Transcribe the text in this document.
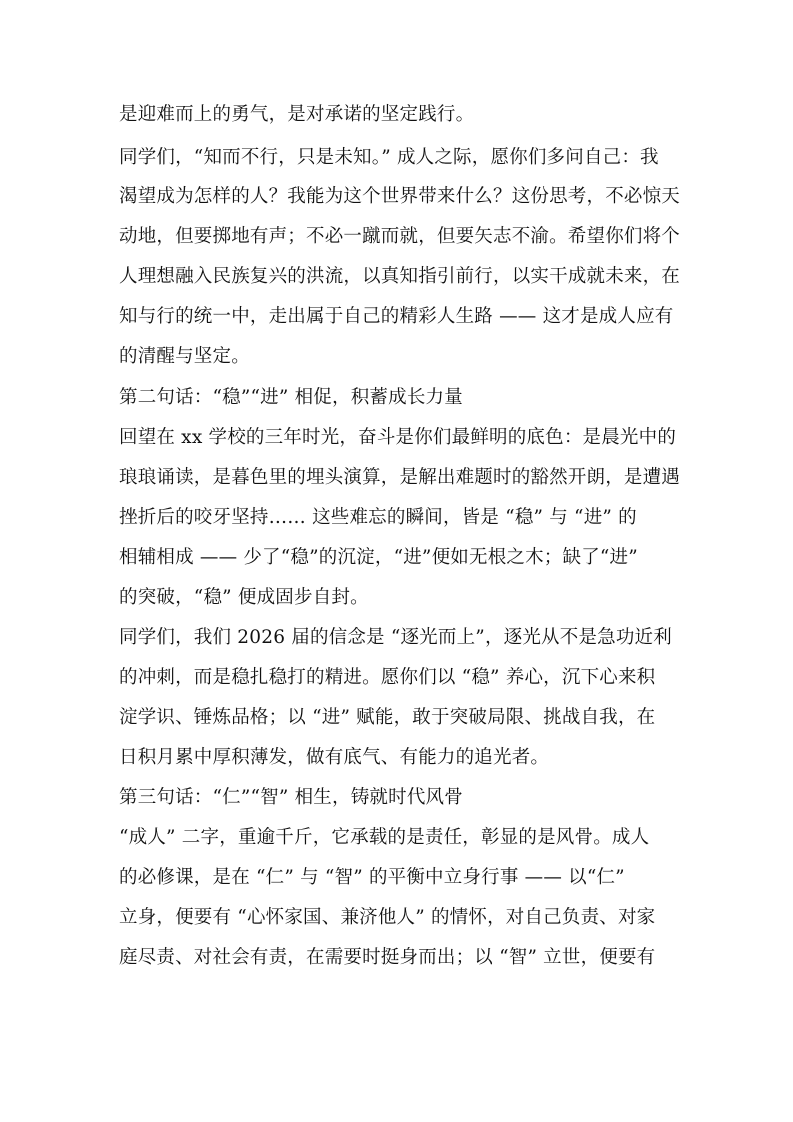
是迎难而上的勇气，是对承诺的坚定践行。
同学们，“知而不行，只是未知。” 成人之际，愿你们多问自己：我
渴望成为怎样的人？我能为这个世界带来什么？这份思考，不必惊天
动地，但要掷地有声；不必一蹴而就，但要矢志不渝。希望你们将个
人理想融入民族复兴的洪流，以真知指引前行，以实干成就未来，在
知与行的统一中，走出属于自己的精彩人生路 —— 这才是成人应有
的清醒与坚定。
第二句话：“稳”“进” 相促，积蓄成长力量
回望在 xx 学校的三年时光，奋斗是你们最鲜明的底色：是晨光中的
琅琅诵读，是暮色里的埋头演算，是解出难题时的豁然开朗，是遭遇
挫折后的咬牙坚持…… 这些难忘的瞬间，皆是 “稳” 与 “进” 的
相辅相成 —— 少了“稳”的沉淀，“进”便如无根之木；缺了“进”
的突破，“稳” 便成固步自封。
同学们，我们 2026 届的信念是 “逐光而上”，逐光从不是急功近利
的冲刺，而是稳扎稳打的精进。愿你们以 “稳” 养心，沉下心来积
淀学识、锤炼品格；以 “进” 赋能，敢于突破局限、挑战自我，在
日积月累中厚积薄发，做有底气、有能力的追光者。
第三句话：“仁”“智” 相生，铸就时代风骨
“成人” 二字，重逾千斤，它承载的是责任，彰显的是风骨。成人
的必修课，是在 “仁” 与 “智” 的平衡中立身行事 —— 以“仁”
立身，便要有 “心怀家国、兼济他人” 的情怀，对自己负责、对家
庭尽责、对社会有责，在需要时挺身而出；以 “智” 立世，便要有
